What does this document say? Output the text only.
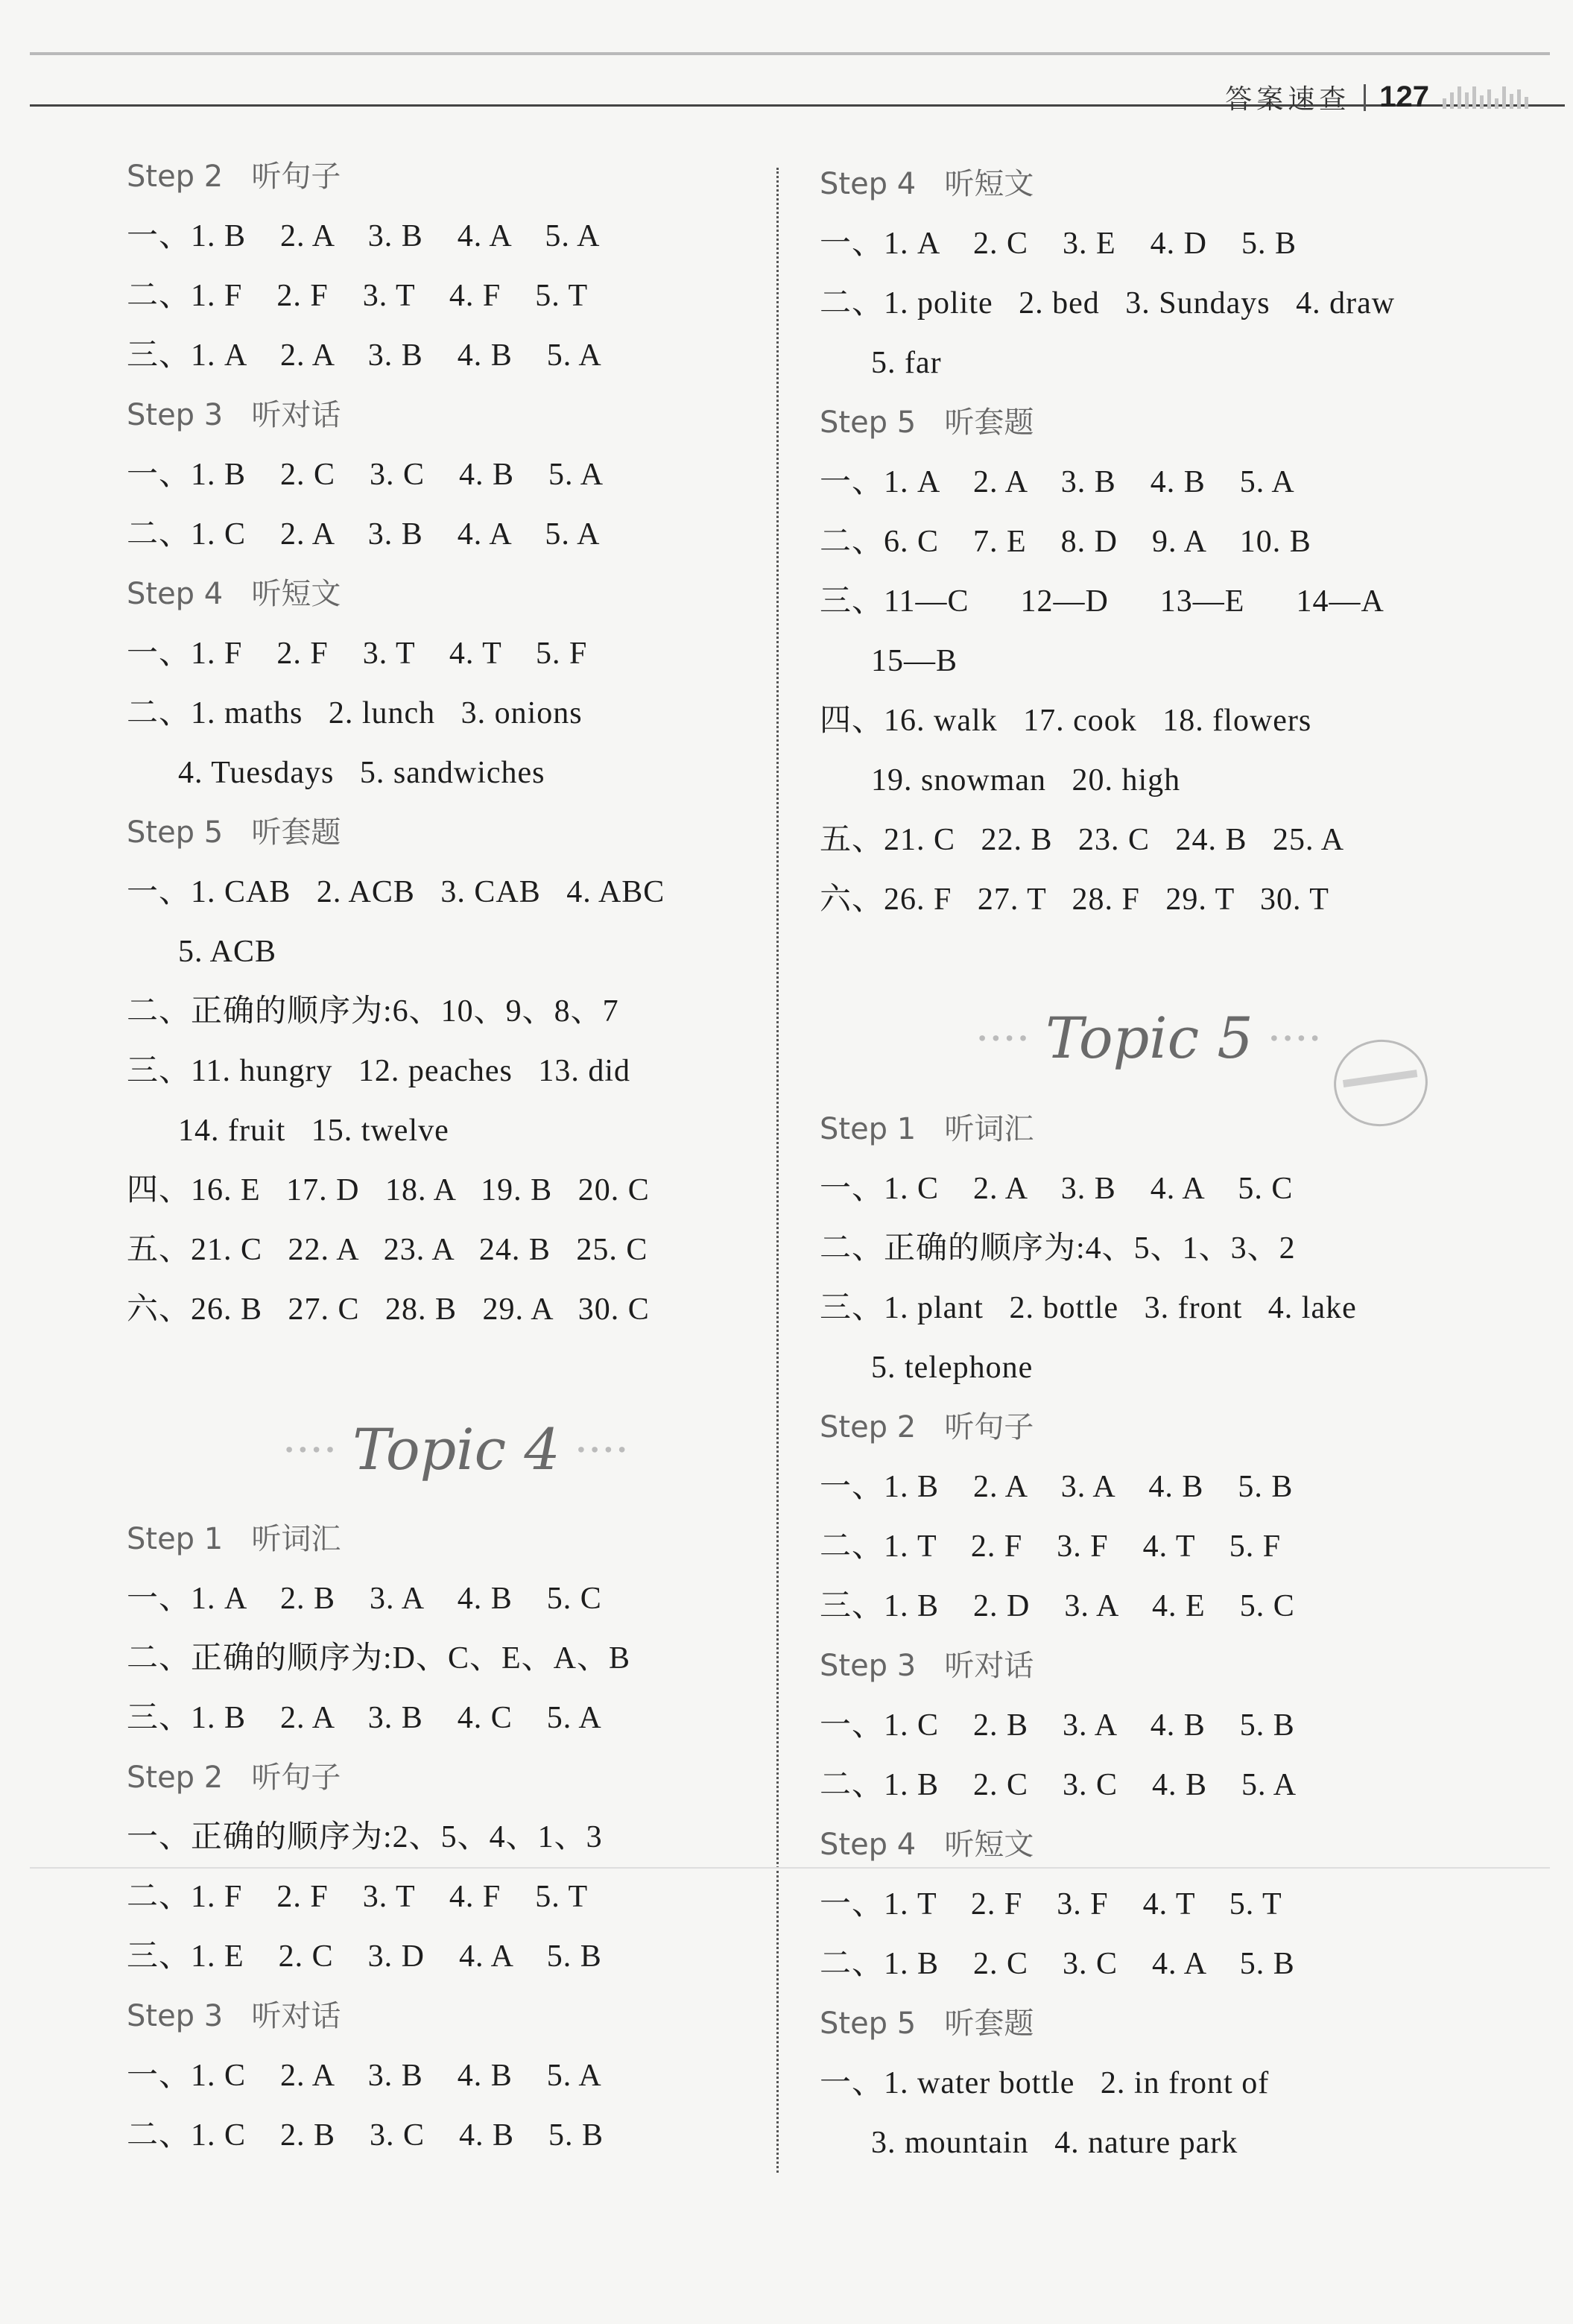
答案速查 127
Step 2   听句子
一、1. B    2. A    3. B    4. A    5. A
二、1. F    2. F    3. T    4. F    5. T
三、1. A    2. A    3. B    4. B    5. A
Step 3   听对话
一、1. B    2. C    3. C    4. B    5. A
二、1. C    2. A    3. B    4. A    5. A
Step 4   听短文
一、1. F    2. F    3. T    4. T    5. F
二、1. maths   2. lunch   3. onions
4. Tuesdays   5. sandwiches
Step 5   听套题
一、1. CAB   2. ACB   3. CAB   4. ABC
5. ACB
二、正确的顺序为:6、10、9、8、7
三、11. hungry   12. peaches   13. did
14. fruit   15. twelve
四、16. E   17. D   18. A   19. B   20. C
五、21. C   22. A   23. A   24. B   25. C
六、26. B   27. C   28. B   29. A   30. C
∙∙∙∙ Topic 4 ∙∙∙∙
Step 1   听词汇
一、1. A    2. B    3. A    4. B    5. C
二、正确的顺序为:D、C、E、A、B
三、1. B    2. A    3. B    4. C    5. A
Step 2   听句子
一、正确的顺序为:2、5、4、1、3
二、1. F    2. F    3. T    4. F    5. T
三、1. E    2. C    3. D    4. A    5. B
Step 3   听对话
一、1. C    2. A    3. B    4. B    5. A
二、1. C    2. B    3. C    4. B    5. B
Step 4   听短文
一、1. A    2. C    3. E    4. D    5. B
二、1. polite   2. bed   3. Sundays   4. draw
5. far
Step 5   听套题
一、1. A    2. A    3. B    4. B    5. A
二、6. C    7. E    8. D    9. A    10. B
三、11—C      12—D      13—E      14—A
15—B
四、16. walk   17. cook   18. flowers
19. snowman   20. high
五、21. C   22. B   23. C   24. B   25. A
六、26. F   27. T   28. F   29. T   30. T
∙∙∙∙ Topic 5 ∙∙∙∙
Step 1   听词汇
一、1. C    2. A    3. B    4. A    5. C
二、正确的顺序为:4、5、1、3、2
三、1. plant   2. bottle   3. front   4. lake
5. telephone
Step 2   听句子
一、1. B    2. A    3. A    4. B    5. B
二、1. T    2. F    3. F    4. T    5. F
三、1. B    2. D    3. A    4. E    5. C
Step 3   听对话
一、1. C    2. B    3. A    4. B    5. B
二、1. B    2. C    3. C    4. B    5. A
Step 4   听短文
一、1. T    2. F    3. F    4. T    5. T
二、1. B    2. C    3. C    4. A    5. B
Step 5   听套题
一、1. water bottle   2. in front of
3. mountain   4. nature park
